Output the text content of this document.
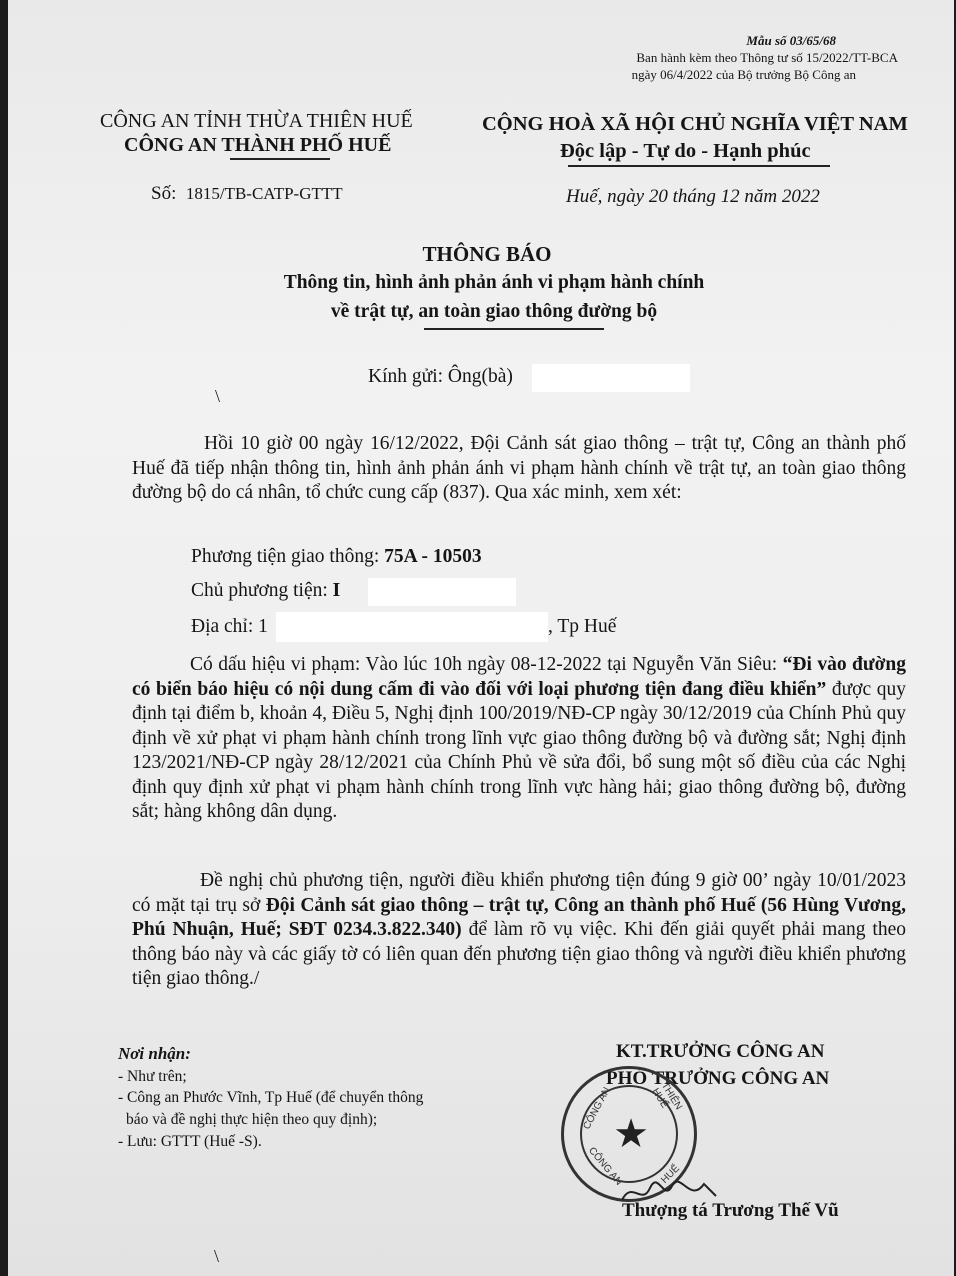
Mẫu số 03/65/68
Ban hành kèm theo Thông tư số 15/2022/TT-BCA
ngày 06/4/2022 của Bộ trưởng Bộ Công an
CÔNG AN TỈNH THỪA THIÊN HUẾ
CÔNG AN THÀNH PHỐ HUẾ
CỘNG HOÀ XÃ HỘI CHỦ NGHĨA VIỆT NAM
Độc lập - Tự do - Hạnh phúc
Số: 1815/TB-CATP-GTTT	Huế, ngày 20 tháng 12 năm 2022
THÔNG BÁO
Thông tin, hình ảnh phản ánh vi phạm hành chính
về trật tự, an toàn giao thông đường bộ
Kính gửi: Ông(bà)
\
Hồi 10 giờ 00 ngày 16/12/2022, Đội Cảnh sát giao thông – trật tự, Công an thành phố Huế đã tiếp nhận thông tin, hình ảnh phản ánh vi phạm hành chính về trật tự, an toàn giao thông đường bộ do cá nhân, tổ chức cung cấp (837). Qua xác minh, xem xét:
Phương tiện giao thông: 75A - 10503
Chủ phương tiện: I
Địa chỉ: 1	, Tp Huế
Có dấu hiệu vi phạm: Vào lúc 10h ngày 08-12-2022 tại Nguyễn Văn Siêu: “Đi vào đường có biển báo hiệu có nội dung cấm đi vào đối với loại phương tiện đang điều khiển” được quy định tại điểm b, khoản 4, Điều 5, Nghị định 100/2019/NĐ-CP ngày 30/12/2019 của Chính Phủ quy định về xử phạt vi phạm hành chính trong lĩnh vực giao thông đường bộ và đường sắt; Nghị định 123/2021/NĐ-CP ngày 28/12/2021 của Chính Phủ về sửa đổi, bổ sung một số điều của các Nghị định quy định xử phạt vi phạm hành chính trong lĩnh vực hàng hải; giao thông đường bộ, đường sắt; hàng không dân dụng.
Đề nghị chủ phương tiện, người điều khiển phương tiện đúng 9 giờ 00’ ngày 10/01/2023 có mặt tại trụ sở Đội Cảnh sát giao thông – trật tự, Công an thành phố Huế (56 Hùng Vương, Phú Nhuận, Huế; SĐT 0234.3.822.340) để làm rõ vụ việc. Khi đến giải quyết phải mang theo thông báo này và các giấy tờ có liên quan đến phương tiện giao thông và người điều khiển phương tiện giao thông./
Nơi nhận:
- Như trên;
- Công an Phước Vĩnh, Tp Huế (để chuyển thông
báo và đề nghị thực hiện theo quy định);
- Lưu: GTTT (Huế -S).
KT.TRƯỞNG CÔNG AN
PHÓ TRƯỞNG CÔNG AN
CÔNG AN	THIÊN HUẾ
CÔNG AN	HUẾ
★
Thượng tá Trương Thế Vũ
\
